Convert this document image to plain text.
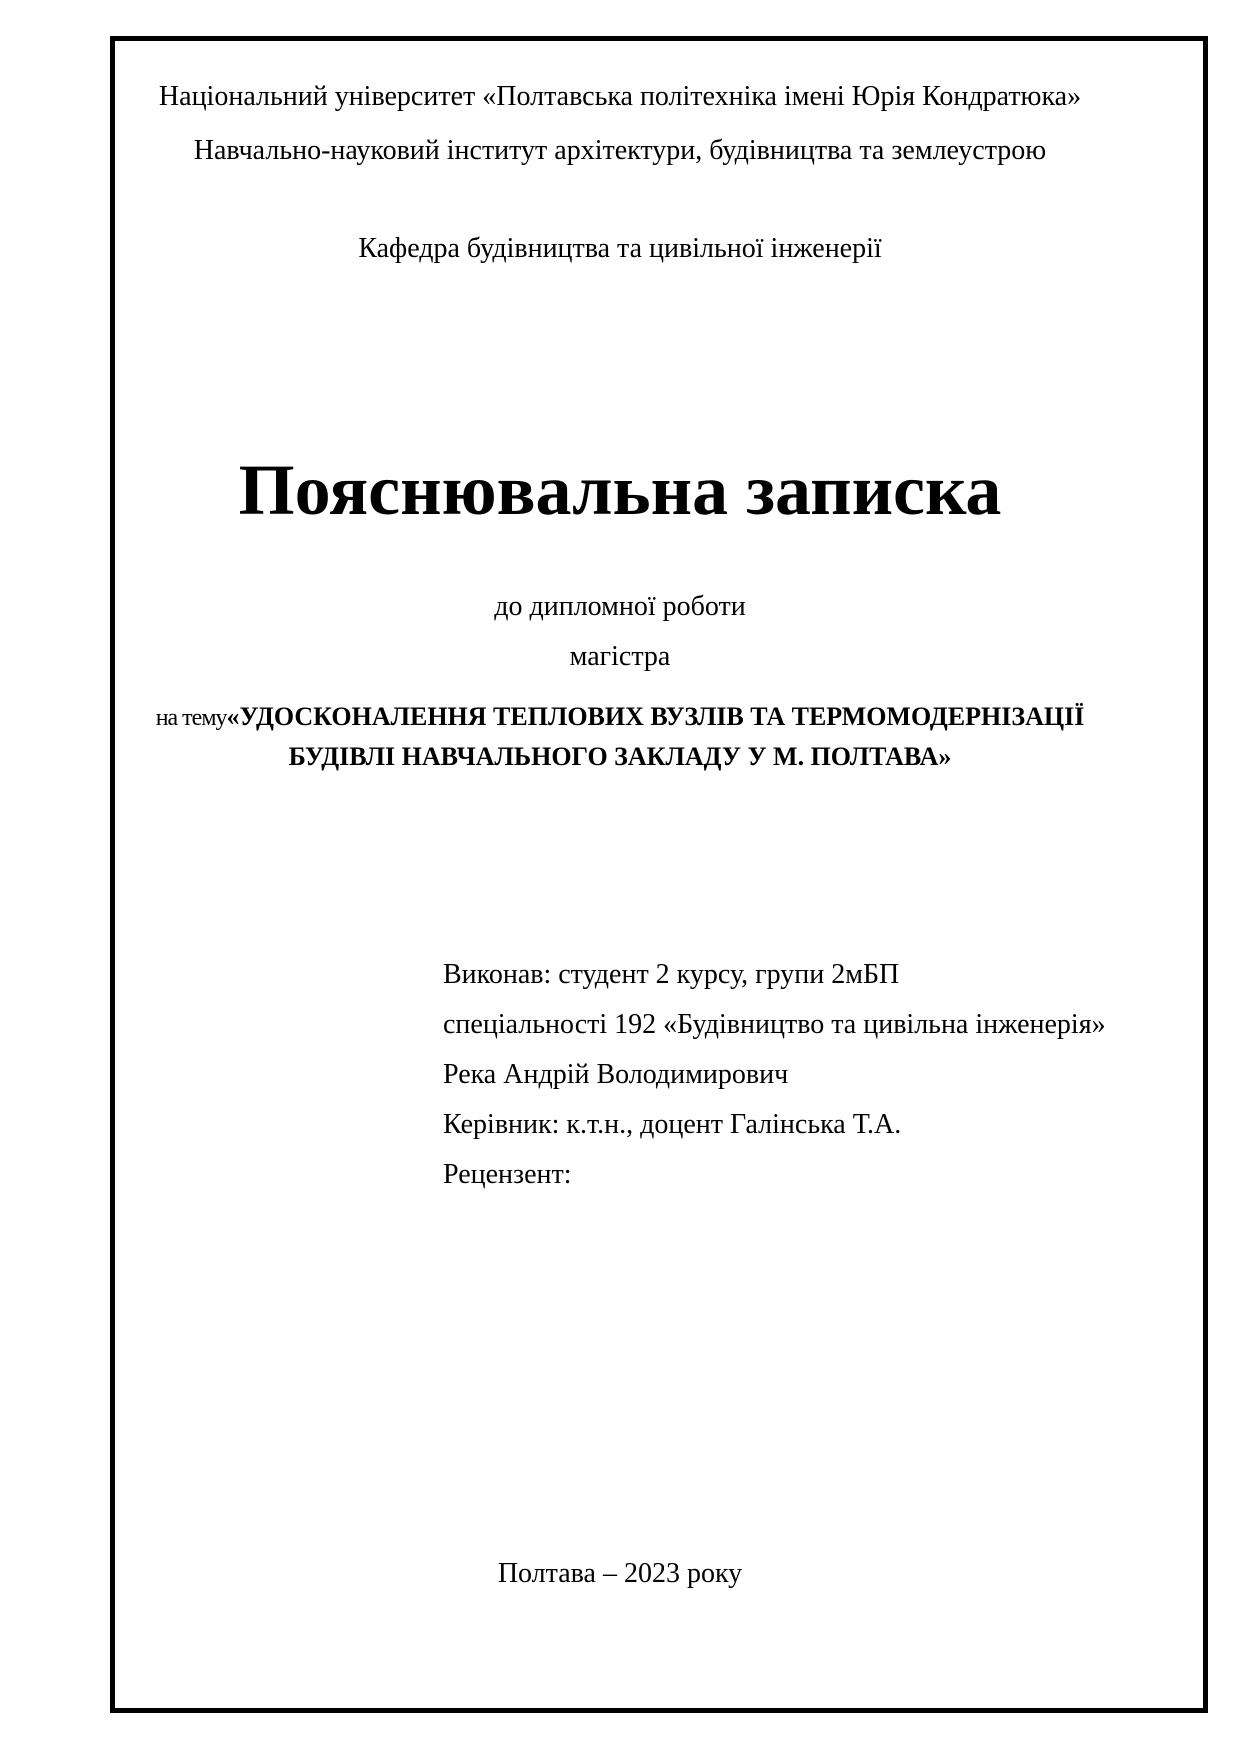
Національний університет «Полтавська політехніка імені Юрія Кондратюка»
Навчально-науковий інститут архітектури, будівництва та землеустрою
Кафедра будівництва та цивільної інженерії
Пояснювальна записка
до дипломної роботи
магістра
на тему«УДОСКОНАЛЕННЯ ТЕПЛОВИХ ВУЗЛІВ ТА ТЕРМОМОДЕРНІЗАЦІЇ
БУДІВЛІ НАВЧАЛЬНОГО ЗАКЛАДУ У М. ПОЛТАВА»
Виконав: студент 2 курсу, групи 2мБП
спеціальності 192 «Будівництво та цивільна інженерія»
Река Андрій Володимирович
Керівник: к.т.н., доцент Галінська Т.А.
Рецензент:
Полтава – 2023 року
